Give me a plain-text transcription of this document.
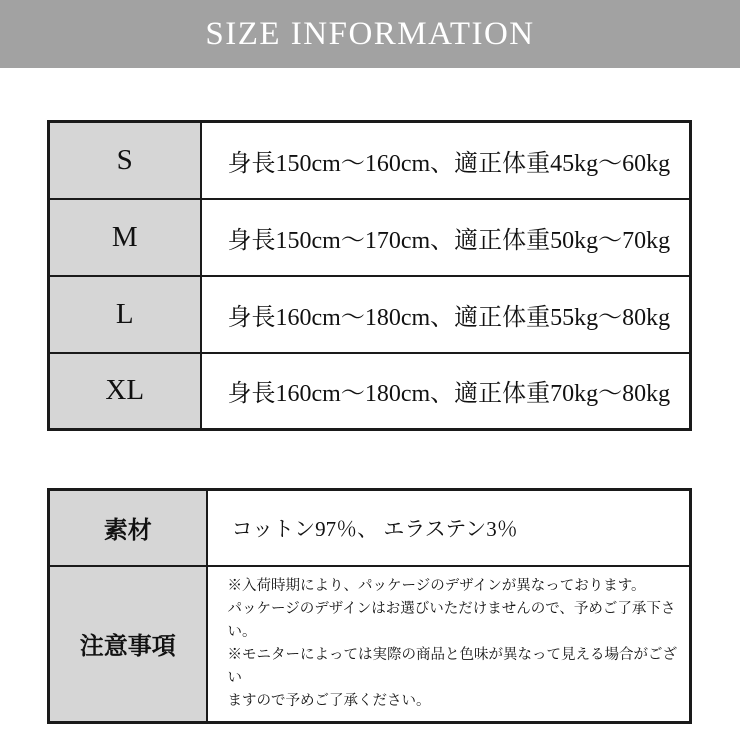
SIZE INFORMATION
S	身長150cm～160cm、適正体重45kg～60kg
M	身長150cm～170cm、適正体重50kg～70kg
L	身長160cm～180cm、適正体重55kg～80kg
XL	身長160cm～180cm、適正体重70kg～80kg
素材	コットン97％、 エラステン3％
注意事項	※入荷時期により、パッケージのデザインが異なっております。
パッケージのデザインはお選びいただけませんので、予めご了承下さい。
※モニターによっては実際の商品と色味が異なって見える場合がござい
ますので予めご了承ください。
